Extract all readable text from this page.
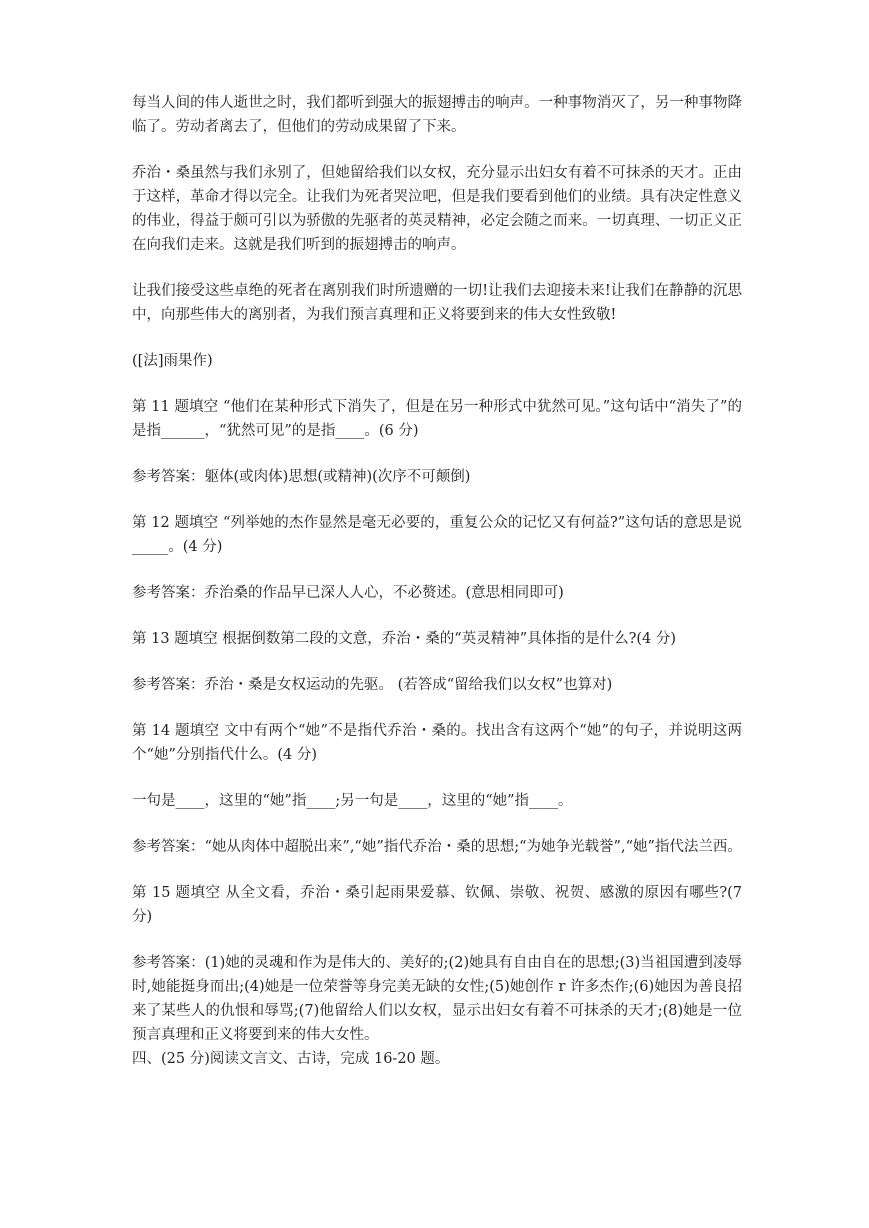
每当人间的伟人逝世之时，我们都听到强大的振翅搏击的响声。一种事物消灭了，另一种事物降临了。劳动者离去了，但他们的劳动成果留了下来。

乔治・桑虽然与我们永别了，但她留给我们以女权，充分显示出妇女有着不可抹杀的天才。正由于这样，革命才得以完全。让我们为死者哭泣吧，但是我们要看到他们的业绩。具有决定性意义的伟业，得益于颇可引以为骄傲的先驱者的英灵精神，必定会随之而来。一切真理、一切正义正在向我们走来。这就是我们听到的振翅搏击的响声。

让我们接受这些卓绝的死者在离别我们时所遗赠的一切!让我们去迎接未来!让我们在静静的沉思中，向那些伟大的离别者，为我们预言真理和正义将要到来的伟大女性致敬!

([法]雨果作)

第 11 题填空 “他们在某种形式下消失了，但是在另一种形式中犹然可见。”这句话中“消失了”的是指______，“犹然可见”的是指____。(6 分)

参考答案：躯体(或肉体)思想(或精神)(次序不可颠倒)

第 12 题填空 “列举她的杰作显然是毫无必要的，重复公众的记忆又有何益?”这句话的意思是说_____。(4 分)

参考答案：乔治桑的作品早已深人人心，不必赘述。(意思相同即可)

第 13 题填空 根据倒数第二段的文意，乔治・桑的“英灵精神”具体指的是什么?(4 分)

参考答案：乔治・桑是女权运动的先驱。 (若答成“留给我们以女权”也算对)

第 14 题填空 文中有两个“她”不是指代乔治・桑的。找出含有这两个“她”的句子，并说明这两个“她”分别指代什么。(4 分)

一句是____，这里的“她”指____;另一句是____，这里的“她”指____。

参考答案：“她从肉体中超脱出来”,“她”指代乔治・桑的思想;“为她争光载誉”,“她”指代法兰西。

第 15 题填空 从全文看，乔治・桑引起雨果爱慕、钦佩、崇敬、祝贺、感激的原因有哪些?(7 分)

参考答案：(1)她的灵魂和作为是伟大的、美好的;(2)她具有自由自在的思想;(3)当祖国遭到凌辱时,她能挺身而出;(4)她是一位荣誉等身完美无缺的女性;(5)她创作 r 许多杰作;(6)她因为善良招来了某些人的仇恨和辱骂;(7)他留给人们以女权，显示出妇女有着不可抹杀的天才;(8)她是一位预言真理和正义将要到来的伟大女性。

四、(25 分)阅读文言文、古诗，完成 16-20 题。
